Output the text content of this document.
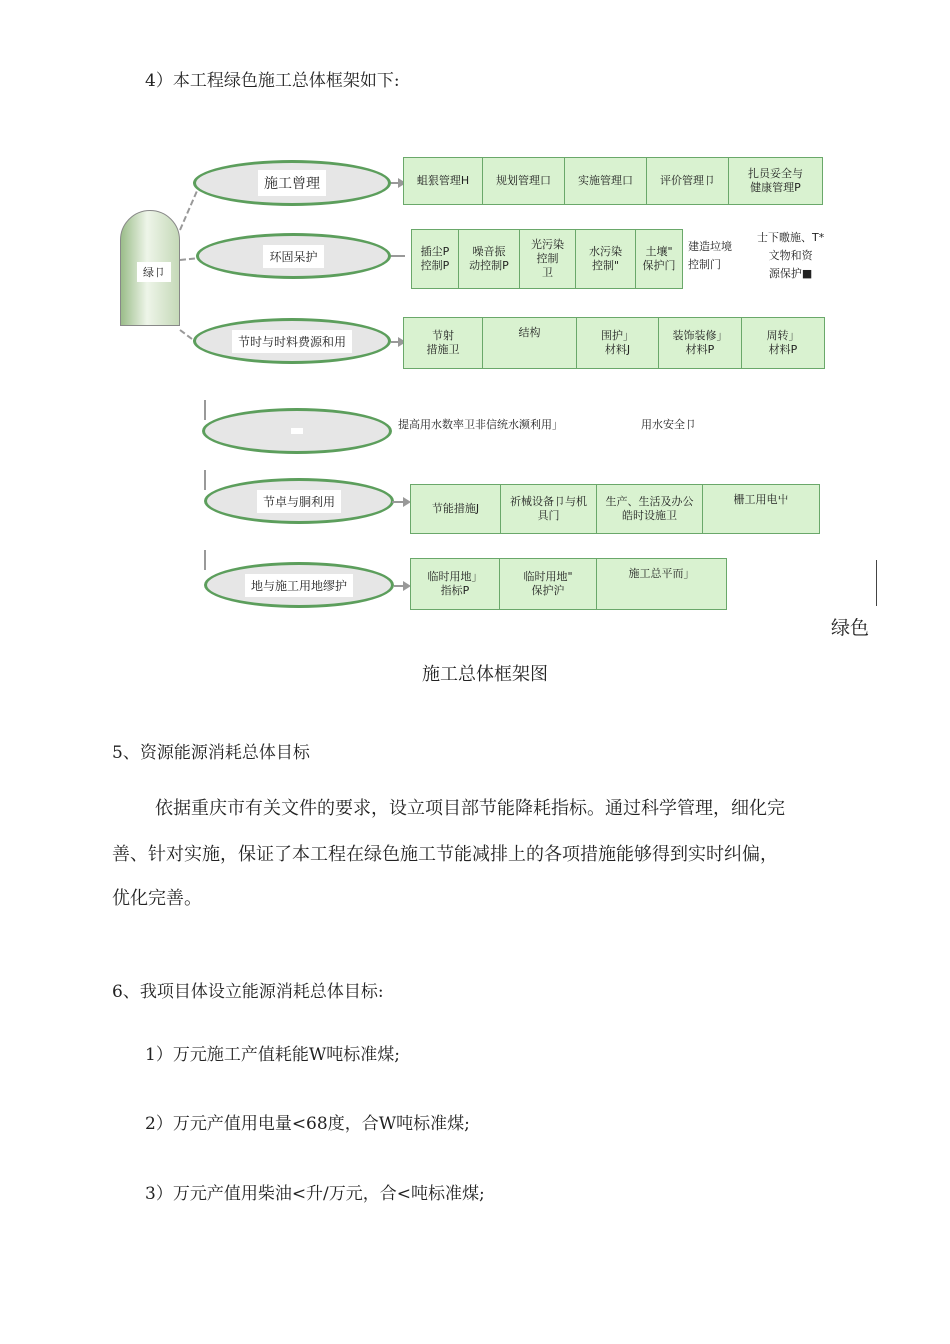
4）本工程绿色施工总体框架如下:
绿卩
施工曾理
环固呆护
节时与时料费源和用
节卓与胴利用
地与施工用地缪护
蛆狠管理H	规划管理口	实施管理口	评价管理卩
扎员妥全与
健康管理P
插尘P
控制P
噪音振
动控制P
光污染
控制
卫
水污染
控制"
土壤"
保护门
建造垃境
控制门
士下曒施、T*
文物和资
源保护■
节射
措施卫
结构	围护」
材料J
装饰装修」
材料P
周转」
材料P
提高用水数率卫非信统水濒利用」	用水安全卩
节能措施J
祈械设备卩与机
具门
生产、生活及办公
皓时设施卫
栅工用电屮
临时用地」
指标P
临时用地"
保护沪
施工总平而」
绿色
施工总体框架图
5、资源能源消耗总体目标
依据重庆市有关文件的要求，设立项目部节能降耗指标。通过科学管理，细化完
善、针对实施，保证了本工程在绿色施工节能减排上的各项措施能够得到实时纠偏，
优化完善。
6、我项目体设立能源消耗总体目标:
1）万元施工产值耗能W吨标准煤;
2）万元产值用电量<68度，合W吨标准煤;
3）万元产值用柴油<升/万元，合<吨标准煤;
